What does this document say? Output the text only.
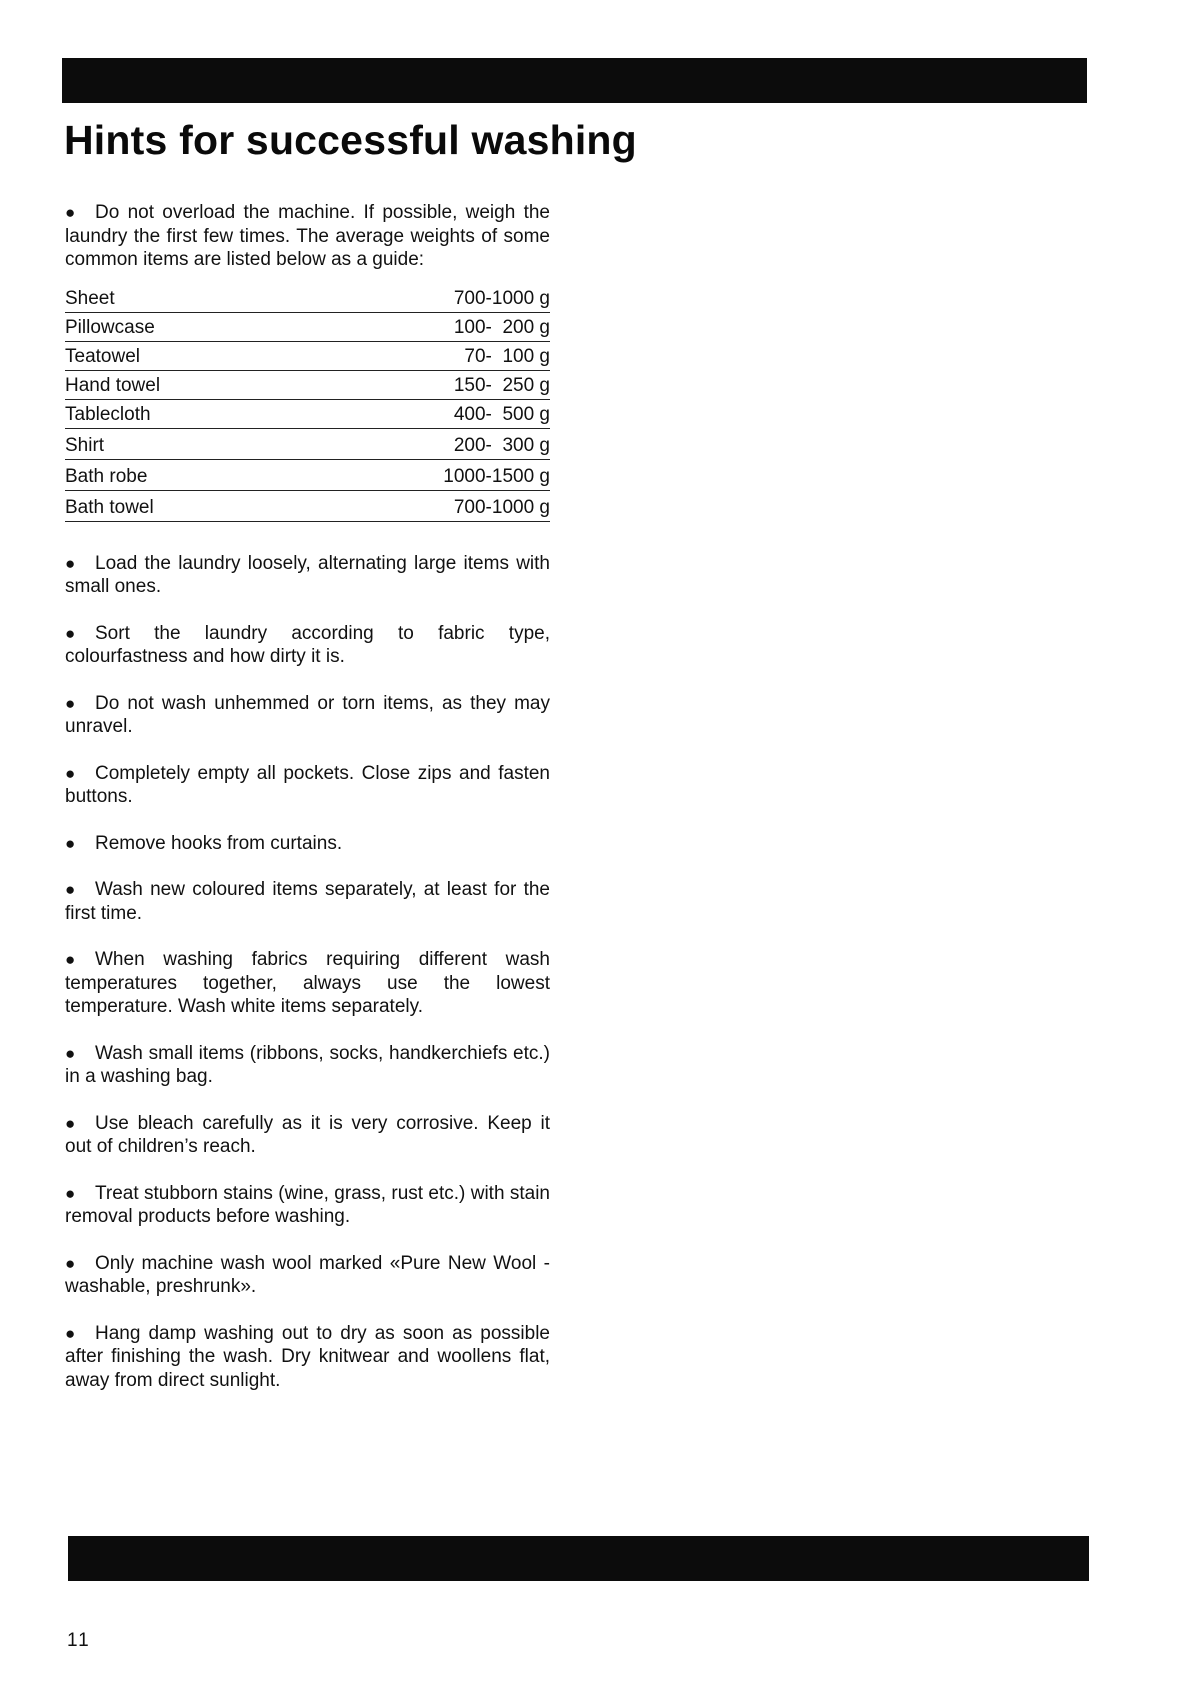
Hints for successful washing

● Do not overload the machine. If possible, weigh the laundry the first few times. The average weights of some common items are listed below as a guide:

Sheet	700-1000 g
Pillowcase	100-  200 g
Teatowel	70-  100 g
Hand towel	150-  250 g
Tablecloth	400-  500 g
Shirt	200-  300 g
Bath robe	1000-1500 g
Bath towel	700-1000 g

● Load the laundry loosely, alternating large items with small ones.

● Sort the laundry according to fabric type, colourfastness and how dirty it is.

● Do not wash unhemmed or torn items, as they may unravel.

● Completely empty all pockets. Close zips and fasten buttons.

● Remove hooks from curtains.

● Wash new coloured items separately, at least for the first time.

● When washing fabrics requiring different wash temperatures together, always use the lowest temperature. Wash white items separately.

● Wash small items (ribbons, socks, handkerchiefs etc.) in a washing bag.

● Use bleach carefully as it is very corrosive. Keep it out of children’s reach.

● Treat stubborn stains (wine, grass, rust etc.) with stain removal products before washing.

● Only machine wash wool marked «Pure New Wool - washable, preshrunk».

● Hang damp washing out to dry as soon as possible after finishing the wash. Dry knitwear and woollens flat, away from direct sunlight.

11
